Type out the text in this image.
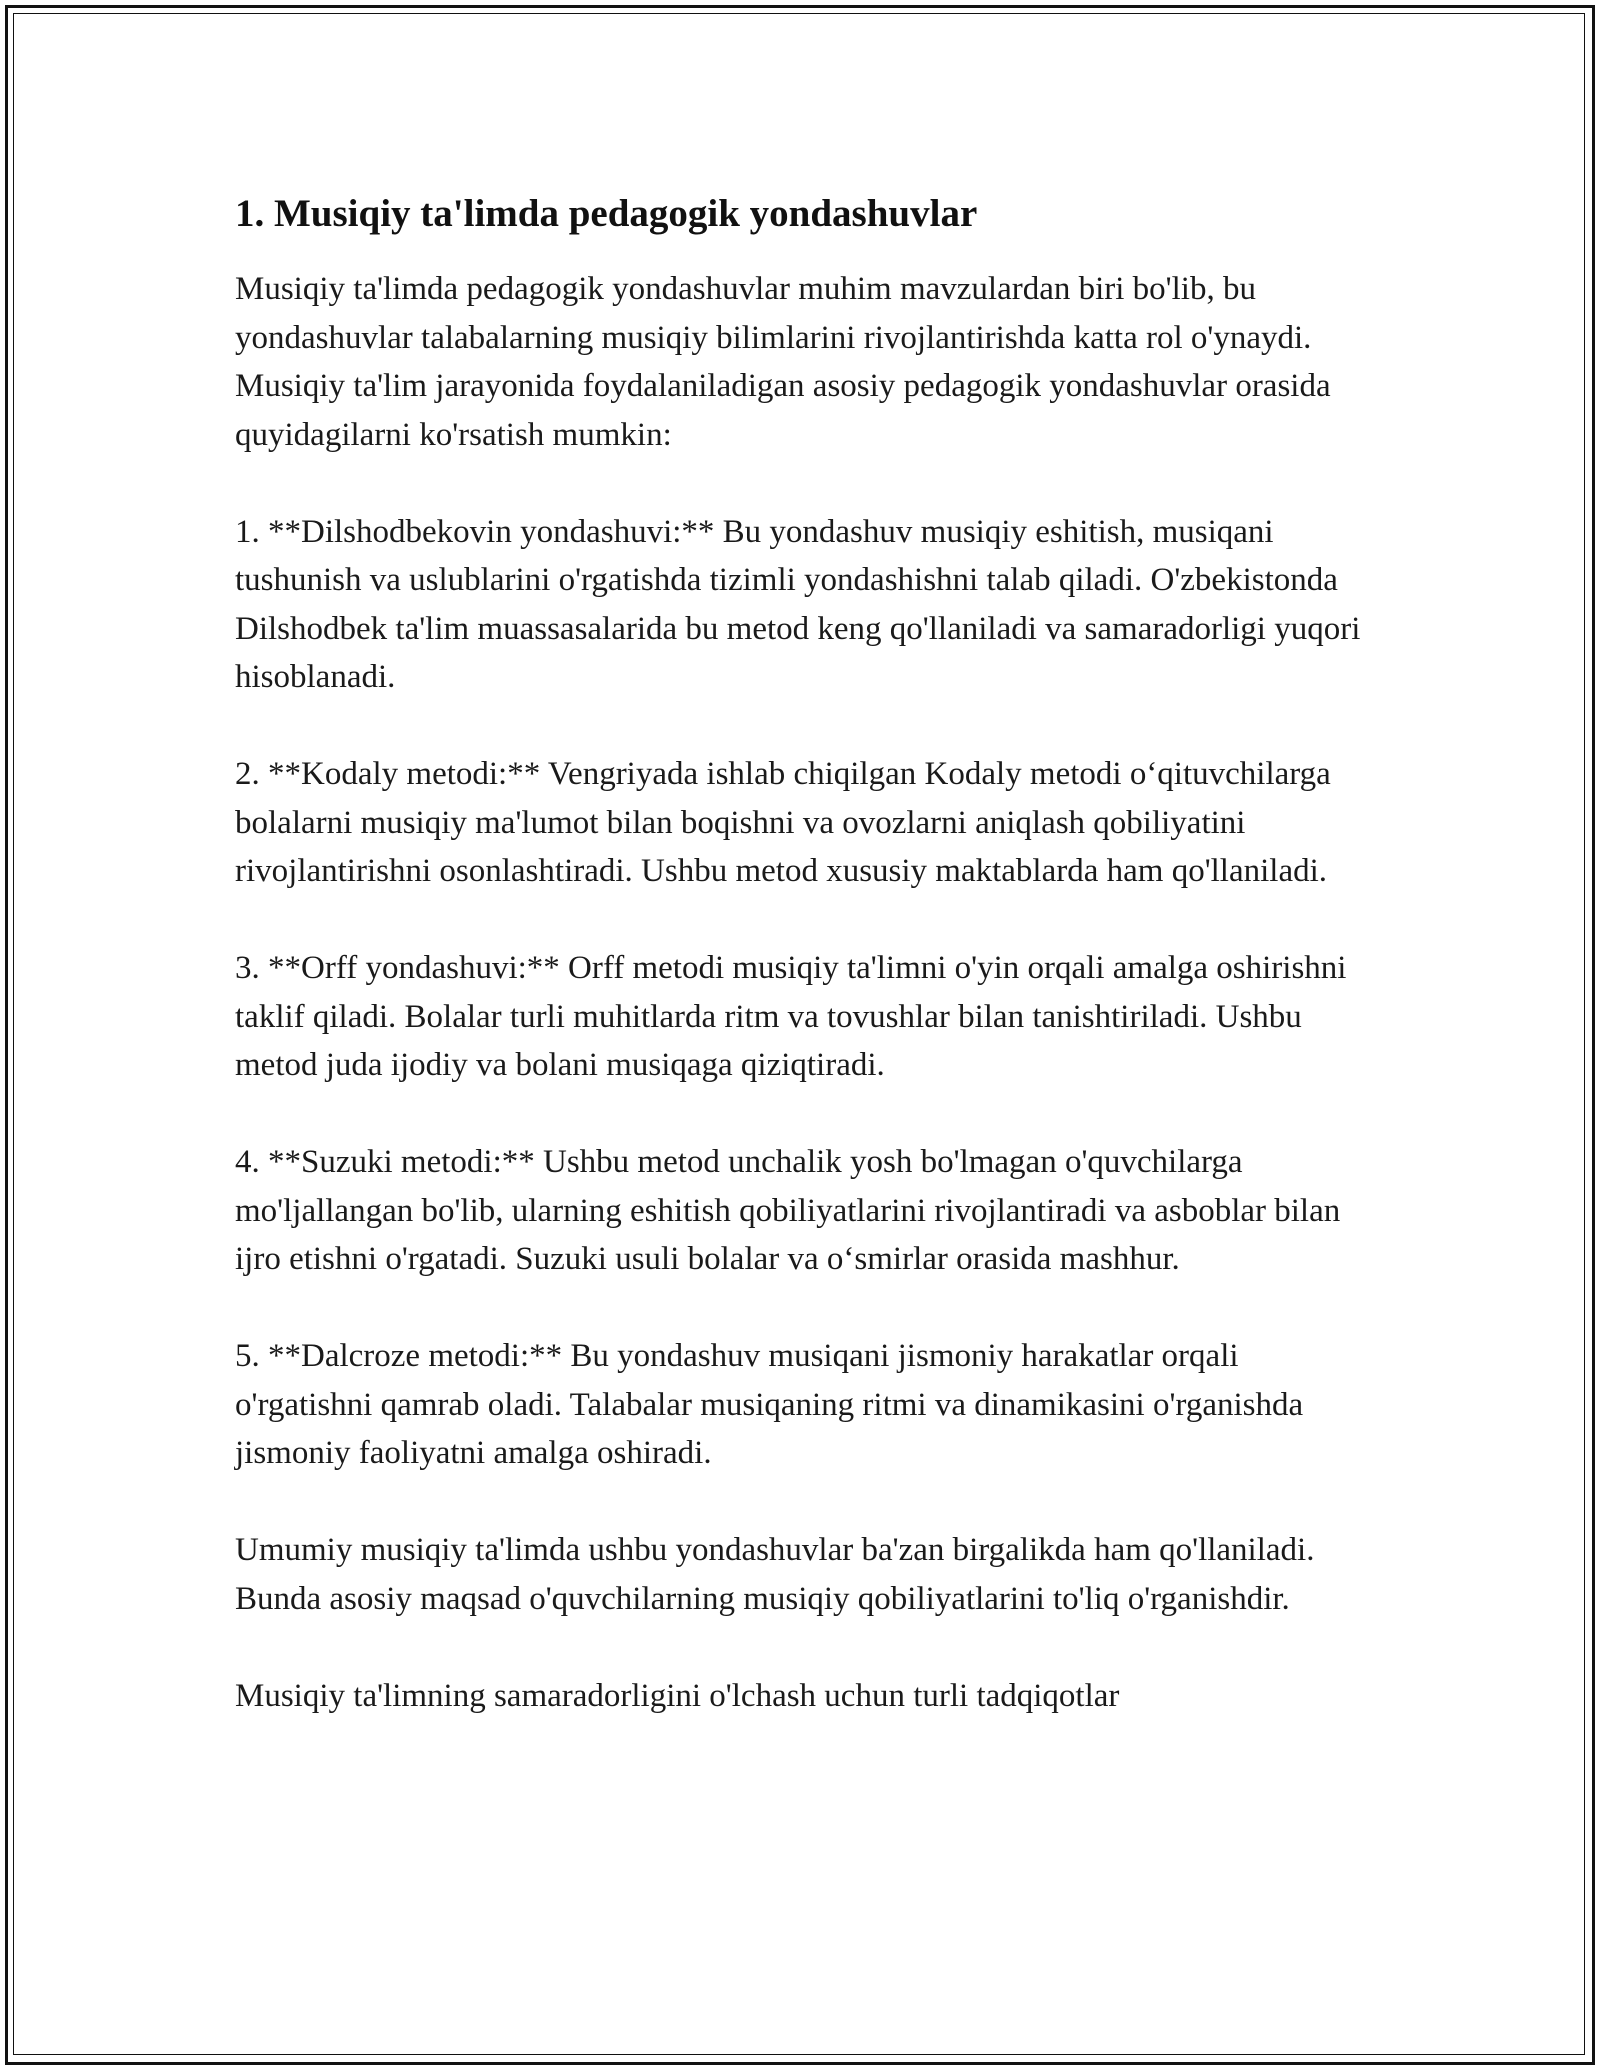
1. Musiqiy ta'limda pedagogik yondashuvlar

Musiqiy ta'limda pedagogik yondashuvlar muhim mavzulardan biri bo'lib, bu yondashuvlar talabalarning musiqiy bilimlarini rivojlantirishda katta rol o'ynaydi. Musiqiy ta'lim jarayonida foydalaniladigan asosiy pedagogik yondashuvlar orasida quyidagilarni ko'rsatish mumkin:

1. **Dilshodbekovin yondashuvi:** Bu yondashuv musiqiy eshitish, musiqani tushunish va uslublarini o'rgatishda tizimli yondashishni talab qiladi. O'zbekistonda Dilshodbek ta'lim muassasalarida bu metod keng qo'llaniladi va samaradorligi yuqori hisoblanadi.

2. **Kodaly metodi:** Vengriyada ishlab chiqilgan Kodaly metodi o‘qituvchilarga bolalarni musiqiy ma'lumot bilan boqishni va ovozlarni aniqlash qobiliyatini rivojlantirishni osonlashtiradi. Ushbu metod xususiy maktablarda ham qo'llaniladi.

3. **Orff yondashuvi:** Orff metodi musiqiy ta'limni o'yin orqali amalga oshirishni taklif qiladi. Bolalar turli muhitlarda ritm va tovushlar bilan tanishtiriladi. Ushbu metod juda ijodiy va bolani musiqaga qiziqtiradi.

4. **Suzuki metodi:** Ushbu metod unchalik yosh bo'lmagan o'quvchilarga mo'ljallangan bo'lib, ularning eshitish qobiliyatlarini rivojlantiradi va asboblar bilan ijro etishni o'rgatadi. Suzuki usuli bolalar va o‘smirlar orasida mashhur.

5. **Dalcroze metodi:** Bu yondashuv musiqani jismoniy harakatlar orqali o'rgatishni qamrab oladi. Talabalar musiqaning ritmi va dinamikasini o'rganishda jismoniy faoliyatni amalga oshiradi.

Umumiy musiqiy ta'limda ushbu yondashuvlar ba'zan birgalikda ham qo'llaniladi. Bunda asosiy maqsad o'quvchilarning musiqiy qobiliyatlarini to'liq o'rganishdir.

Musiqiy ta'limning samaradorligini o'lchash uchun turli tadqiqotlar
